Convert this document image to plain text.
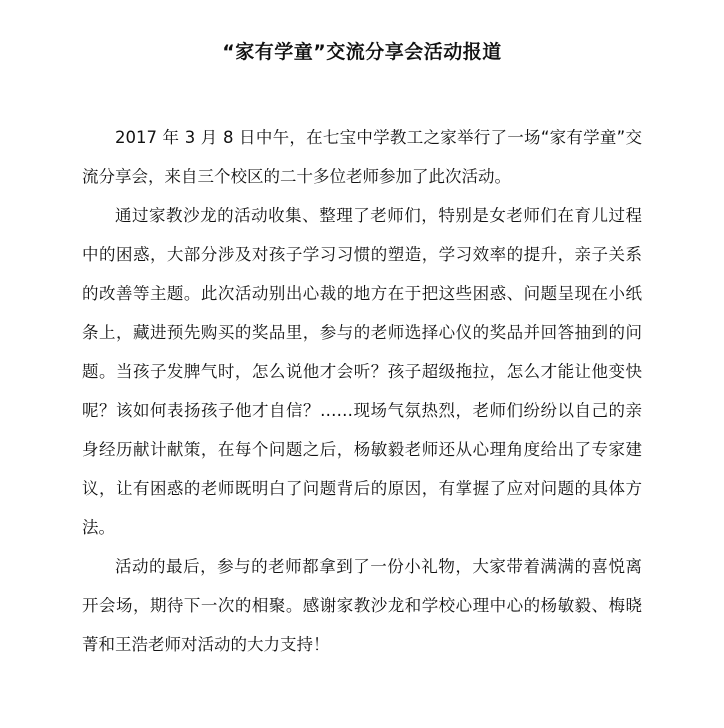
“家有学童”交流分享会活动报道

2017 年 3 月 8 日中午，在七宝中学教工之家举行了一场“家有学童”交流分享会，来自三个校区的二十多位老师参加了此次活动。

通过家教沙龙的活动收集、整理了老师们，特别是女老师们在育儿过程中的困惑，大部分涉及对孩子学习习惯的塑造，学习效率的提升，亲子关系的改善等主题。此次活动别出心裁的地方在于把这些困惑、问题呈现在小纸条上，藏进预先购买的奖品里，参与的老师选择心仪的奖品并回答抽到的问题。当孩子发脾气时，怎么说他才会听？孩子超级拖拉，怎么才能让他变快呢？该如何表扬孩子他才自信？……现场气氛热烈，老师们纷纷以自己的亲身经历献计献策，在每个问题之后，杨敏毅老师还从心理角度给出了专家建议，让有困惑的老师既明白了问题背后的原因，有掌握了应对问题的具体方法。

活动的最后，参与的老师都拿到了一份小礼物，大家带着满满的喜悦离开会场，期待下一次的相聚。感谢家教沙龙和学校心理中心的杨敏毅、梅晓菁和王浩老师对活动的大力支持！
